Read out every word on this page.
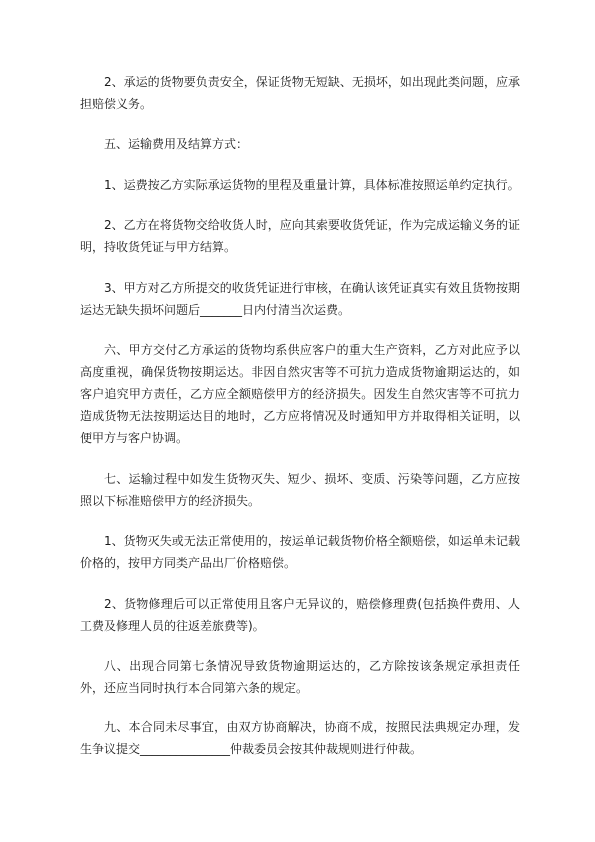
2、承运的货物要负责安全，保证货物无短缺、无损坏，如出现此类问题，应承担赔偿义务。

五、运输费用及结算方式：

1、运费按乙方实际承运货物的里程及重量计算，具体标准按照运单约定执行。

2、乙方在将货物交给收货人时，应向其索要收货凭证，作为完成运输义务的证明，持收货凭证与甲方结算。

3、甲方对乙方所提交的收货凭证进行审核，在确认该凭证真实有效且货物按期运达无缺失损坏问题后_______日内付清当次运费。

六、甲方交付乙方承运的货物均系供应客户的重大生产资料，乙方对此应予以高度重视，确保货物按期运达。非因自然灾害等不可抗力造成货物逾期运达的，如客户追究甲方责任，乙方应全额赔偿甲方的经济损失。因发生自然灾害等不可抗力造成货物无法按期运达目的地时，乙方应将情况及时通知甲方并取得相关证明，以便甲方与客户协调。

七、运输过程中如发生货物灭失、短少、损坏、变质、污染等问题，乙方应按照以下标准赔偿甲方的经济损失。

1、货物灭失或无法正常使用的，按运单记载货物价格全额赔偿，如运单未记载价格的，按甲方同类产品出厂价格赔偿。

2、货物修理后可以正常使用且客户无异议的，赔偿修理费(包括换件费用、人工费及修理人员的往返差旅费等)。

八、出现合同第七条情况导致货物逾期运达的，乙方除按该条规定承担责任外，还应当同时执行本合同第六条的规定。

九、本合同未尽事宜，由双方协商解决，协商不成，按照民法典规定办理，发生争议提交_______________仲裁委员会按其仲裁规则进行仲裁。
